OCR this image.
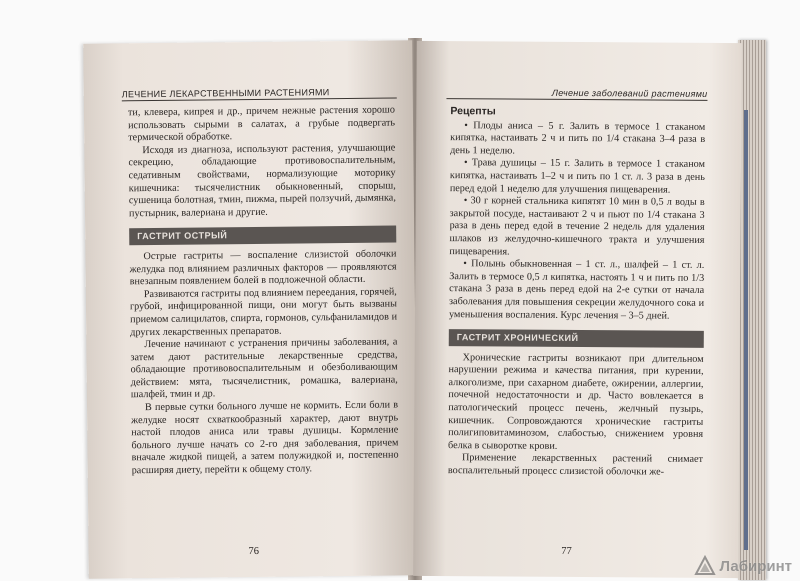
ЛЕЧЕНИЕ ЛЕКАРСТВЕННЫМИ РАСТЕНИЯМИ

ти, клевера, кипрея и др., причем нежные растения хорошо использовать сырыми в салатах, а грубые подвергать термической обработке.

Исходя из диагноза, используют растения, улучшающие секрецию, обладающие противовоспалительным, седативным свойствами, нормализующие моторику кишечника: тысячелистник обыкновенный, спорыш, сушеница болотная, тмин, пижма, пырей ползучий, дымянка, пустырник, валериана и другие.

ГАСТРИТ ОСТРЫЙ

Острые гастриты — воспаление слизистой оболочки желудка под влиянием различных факторов — проявляются внезапным появлением болей в подложечной области.

Развиваются гастриты под влиянием переедания, горячей, грубой, инфицированной пищи, они могут быть вызваны приемом салицилатов, спирта, гормонов, сульфаниламидов и других лекарственных препаратов.

Лечение начинают с устранения причины заболевания, а затем дают растительные лекарственные средства, обладающие противовоспалительным и обезболивающим действием: мята, тысячелистник, ромашка, валериана, шалфей, тмин и др.

В первые сутки больного лучше не кормить. Если боли в желудке носят схваткообразный характер, дают внутрь настой плодов аниса или травы душицы. Кормление больного лучше начать со 2-го дня заболевания, причем вначале жидкой пищей, а затем полужидкой и, постепенно расширяя диету, перейти к общему столу.

76
Лечение заболеваний растениями
Рецепты

• Плоды аниса – 5 г. Залить в термосе 1 стаканом кипятка, настаивать 2 ч и пить по 1/4 стакана 3–4 раза в день 1 неделю.

• Трава душицы – 15 г. Залить в термосе 1 стаканом кипятка, настаивать 1–2 ч и пить по 1 ст. л. 3 раза в день перед едой 1 неделю для улучшения пищеварения.

• 30 г корней стальника кипятят 10 мин в 0,5 л воды в закрытой посуде, настаивают 2 ч и пьют по 1/4 стакана 3 раза в день перед едой в течение 2 недель для удаления шлаков из желудочно-кишечного тракта и улучшения пищеварения.

• Полынь обыкновенная – 1 ст. л., шалфей – 1 ст. л. Залить в термосе 0,5 л кипятка, настоять 1 ч и пить по 1/3 стакана 3 раза в день перед едой на 2-е сутки от начала заболевания для повышения секреции желудочного сока и уменьшения воспаления. Курс лечения – 3–5 дней.

ГАСТРИТ ХРОНИЧЕСКИЙ

Хронические гастриты возникают при длительном нарушении режима и качества питания, при курении, алкоголизме, при сахарном диабете, ожирении, аллергии, почечной недостаточности и др. Часто вовлекается в патологический процесс печень, желчный пузырь, кишечник. Сопровождаются хронические гастриты полигиповитаминозом, слабостью, снижением уровня белка в сыворотке крови.

Применение лекарственных растений снимает воспалительный процесс слизистой оболочки же-

77
Лабиринт
